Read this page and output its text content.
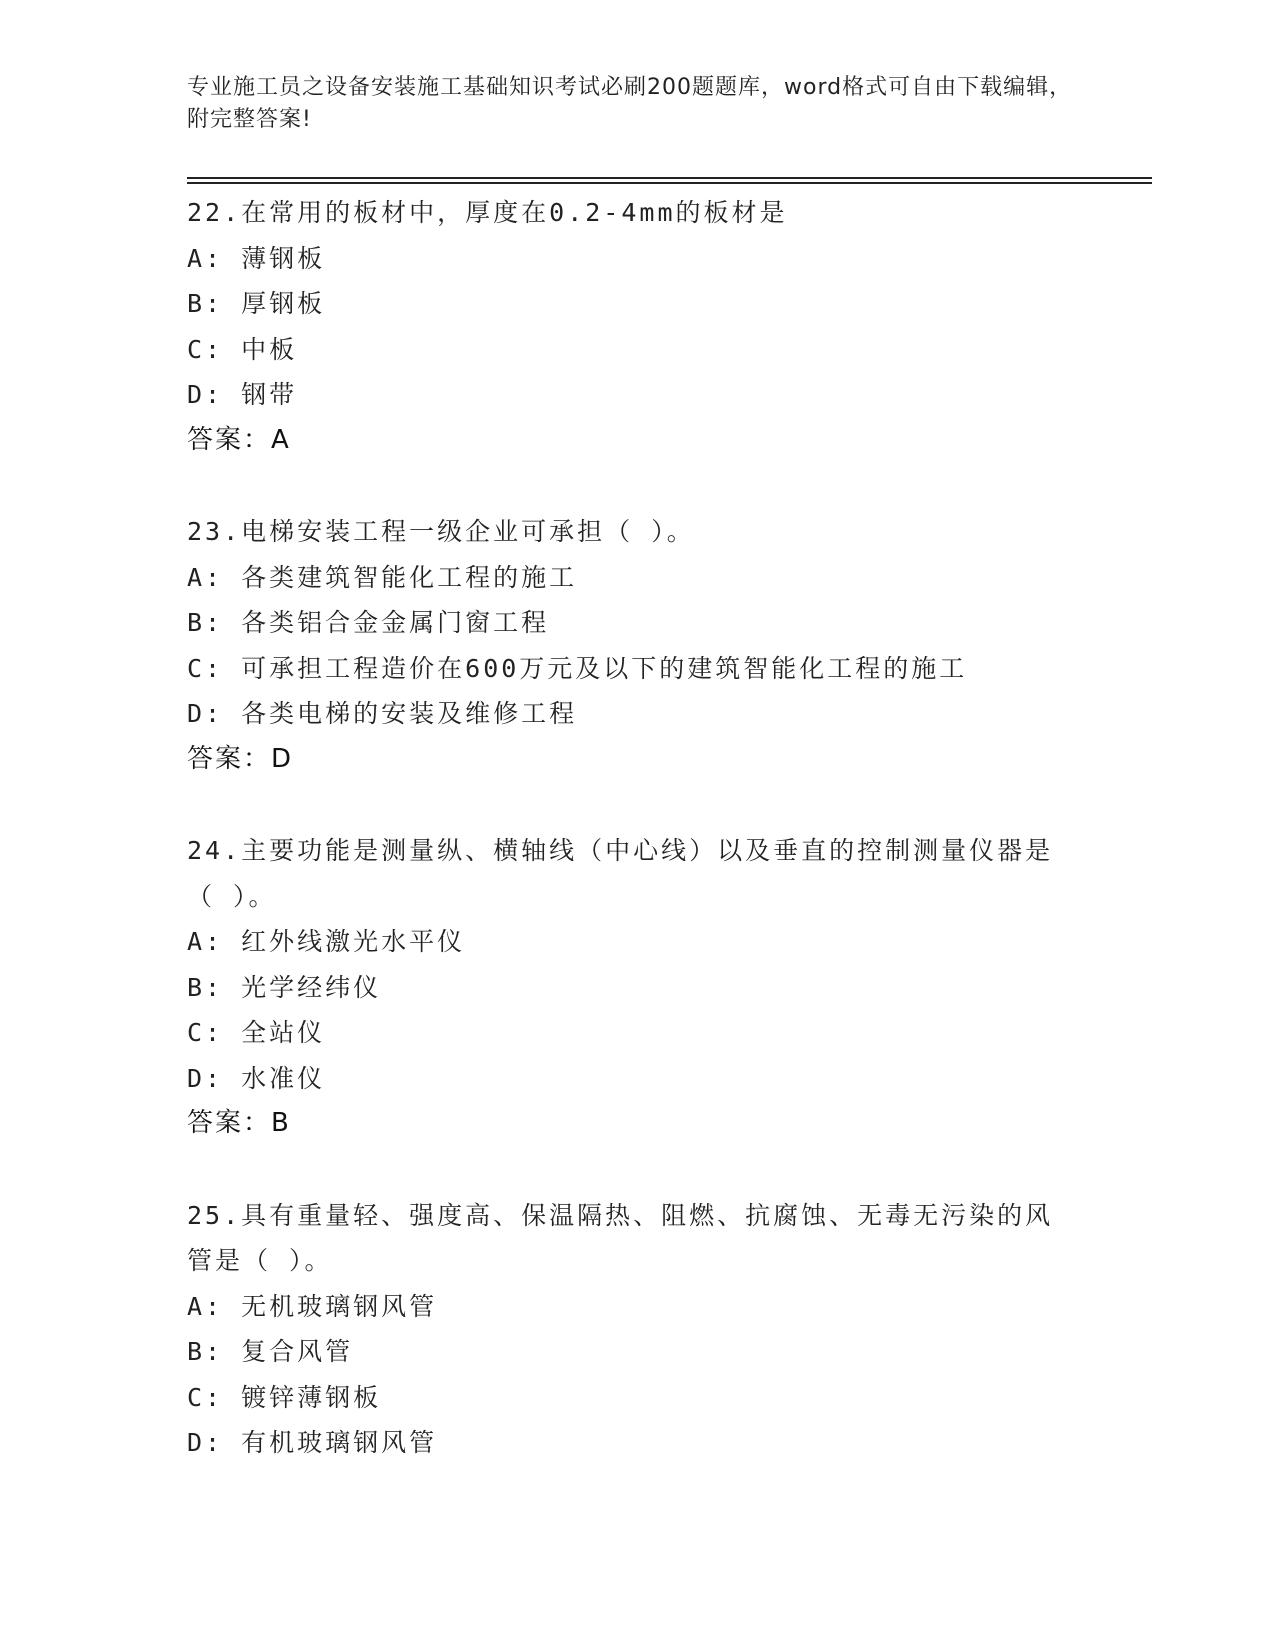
专业施工员之设备安装施工基础知识考试必刷200题题库，word格式可自由下载编辑，附完整答案!

22.在常用的板材中，厚度在0.2-4mm的板材是

A: 薄钢板

B: 厚钢板

C: 中板

D: 钢带

答案：A

23.电梯安装工程一级企业可承担（ ）。

A: 各类建筑智能化工程的施工

B: 各类铝合金金属门窗工程

C: 可承担工程造价在600万元及以下的建筑智能化工程的施工

D: 各类电梯的安装及维修工程

答案：D

24.主要功能是测量纵、横轴线（中心线）以及垂直的控制测量仪器是（ ）。

A: 红外线激光水平仪

B: 光学经纬仪

C: 全站仪

D: 水准仪

答案：B

25.具有重量轻、强度高、保温隔热、阻燃、抗腐蚀、无毒无污染的风管是（ ）。

A: 无机玻璃钢风管

B: 复合风管

C: 镀锌薄钢板

D: 有机玻璃钢风管
